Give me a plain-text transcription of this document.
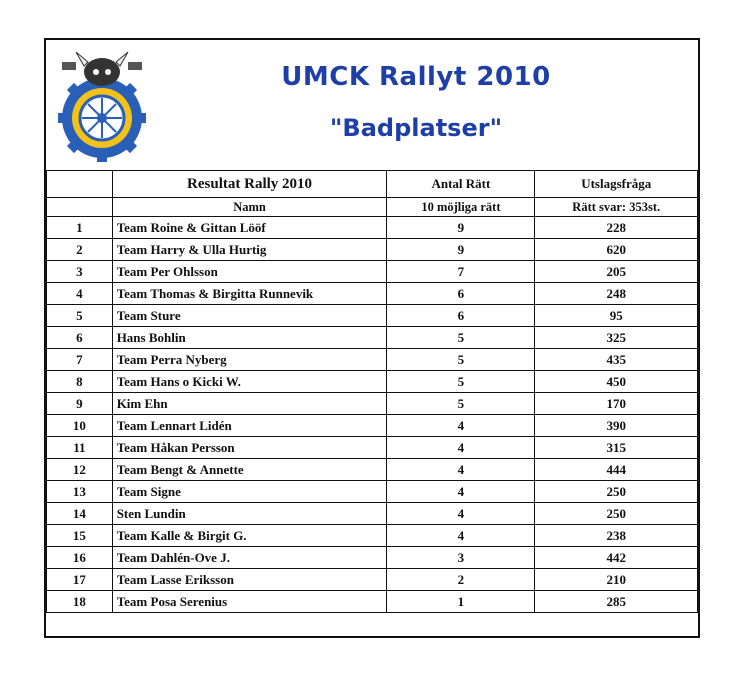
UMCK Rallyt 2010
"Badplatser"
	Resultat Rally 2010	Antal Rätt	Utslagsfråga
	Namn	10 möjliga rätt	Rätt svar: 353st.
1	Team Roine & Gittan Lööf	9	228
2	Team Harry & Ulla Hurtig	9	620
3	Team Per Ohlsson	7	205
4	Team Thomas & Birgitta Runnevik	6	248
5	Team Sture	6	95
6	Hans Bohlin	5	325
7	Team Perra Nyberg	5	435
8	Team Hans o Kicki W.	5	450
9	Kim Ehn	5	170
10	Team Lennart Lidén	4	390
11	Team Håkan Persson	4	315
12	Team Bengt & Annette	4	444
13	Team Signe	4	250
14	Sten Lundin	4	250
15	Team Kalle & Birgit G.	4	238
16	Team Dahlén-Ove J.	3	442
17	Team Lasse Eriksson	2	210
18	Team Posa Serenius	1	285
